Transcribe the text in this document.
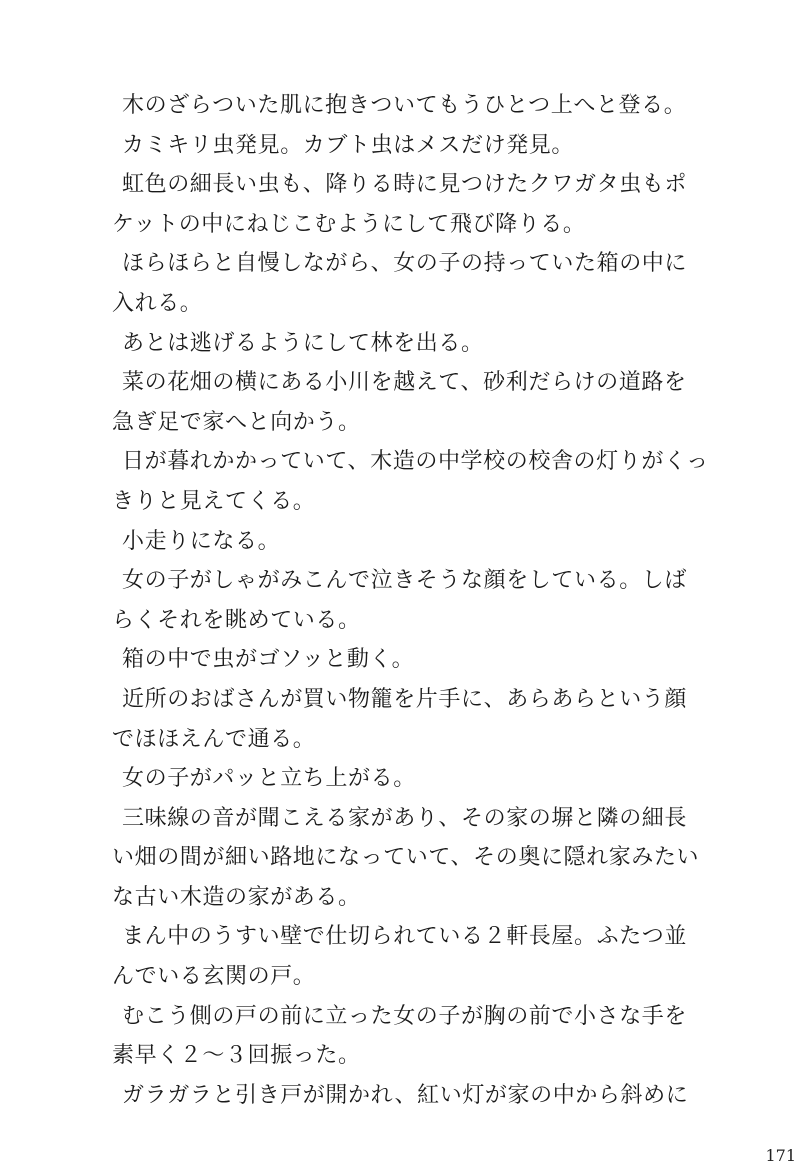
木のざらついた肌に抱きついてもうひとつ上へと登る。
カミキリ虫発見。カブト虫はメスだけ発見。
虹色の細長い虫も、降りる時に見つけたクワガタ虫もポ
ケットの中にねじこむようにして飛び降りる。
ほらほらと自慢しながら、女の子の持っていた箱の中に
入れる。
あとは逃げるようにして林を出る。
菜の花畑の横にある小川を越えて、砂利だらけの道路を
急ぎ足で家へと向かう。
日が暮れかかっていて、木造の中学校の校舎の灯りがくっ
きりと見えてくる。
小走りになる。
女の子がしゃがみこんで泣きそうな顔をしている。しば
らくそれを眺めている。
箱の中で虫がゴソッと動く。
近所のおばさんが買い物籠を片手に、あらあらという顔
でほほえんで通る。
女の子がパッと立ち上がる。
三味線の音が聞こえる家があり、その家の塀と隣の細長
い畑の間が細い路地になっていて、その奥に隠れ家みたい
な古い木造の家がある。
まん中のうすい壁で仕切られている２軒長屋。ふたつ並
んでいる玄関の戸。
むこう側の戸の前に立った女の子が胸の前で小さな手を
素早く２〜３回振った。
ガラガラと引き戸が開かれ、紅い灯が家の中から斜めに
171
